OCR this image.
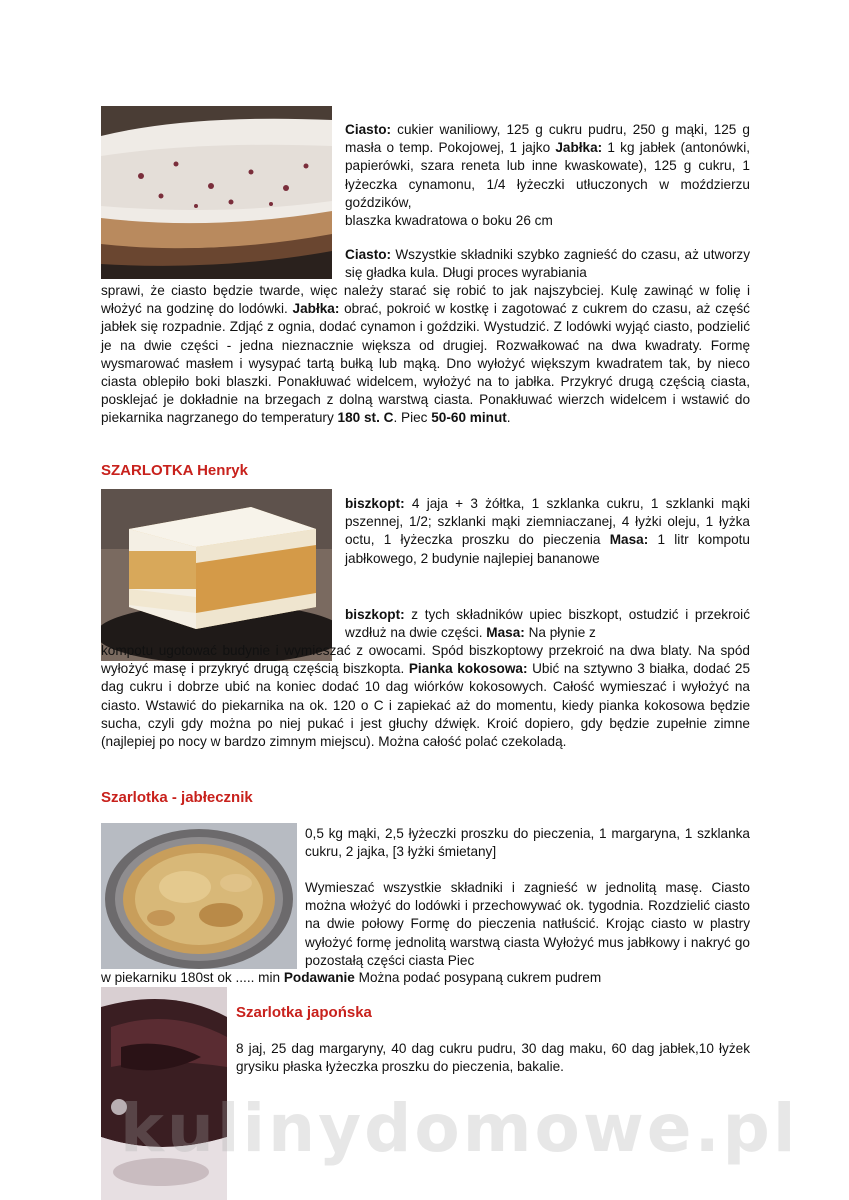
Ciasto: cukier waniliowy, 125 g cukru pudru, 250 g mąki, 125 g masła o temp. Pokojowej, 1 jajko Jabłka: 1 kg jabłek (antonówki, papierówki, szara reneta lub inne kwaskowate), 125 g cukru, 1 łyżeczka cynamonu, 1/4 łyżeczki utłuczonych w moździerzu goździków,
blaszka kwadratowa o boku 26 cm

Ciasto: Wszystkie składniki szybko zagnieść do czasu, aż utworzy się gładka kula. Długi proces wyrabiania

sprawi, że ciasto będzie twarde, więc należy starać się robić to jak najszybciej. Kulę zawinąć w folię i włożyć na godzinę do lodówki. Jabłka: obrać, pokroić w kostkę i zagotować z cukrem do czasu, aż część jabłek się rozpadnie. Zdjąć z ognia, dodać cynamon i goździki. Wystudzić. Z lodówki wyjąć ciasto, podzielić je na dwie części - jedna nieznacznie większa od drugiej. Rozwałkować na dwa kwadraty. Formę wysmarować masłem i wysypać tartą bułką lub mąką. Dno wyłożyć większym kwadratem tak, by nieco ciasta oblepiło boki blaszki. Ponakłuwać widelcem, wyłożyć na to jabłka. Przykryć drugą częścią ciasta, posklejać je dokładnie na brzegach z dolną warstwą ciasta. Ponakłuwać wierzch widelcem i wstawić do piekarnika nagrzanego do temperatury 180 st. C. Piec 50-60 minut.

SZARLOTKA Henryk

biszkopt: 4 jaja + 3 żółtka, 1 szklanka cukru, 1 szklanki mąki pszennej, 1/2; szklanki mąki ziemniaczanej, 4 łyżki oleju, 1 łyżka octu, 1 łyżeczka proszku do pieczenia Masa: 1 litr kompotu jabłkowego, 2 budynie najlepiej bananowe

biszkopt: z tych składników upiec biszkopt, ostudzić i przekroić wzdłuż na dwie części. Masa: Na płynie z

kompotu ugotować budynie i wymieszać z owocami. Spód biszkoptowy przekroić na dwa blaty. Na spód wyłożyć masę i przykryć drugą częścią biszkopta. Pianka kokosowa: Ubić na sztywno 3 białka, dodać 25 dag cukru i dobrze ubić na koniec dodać 10 dag wiórków kokosowych. Całość wymieszać i wyłożyć na ciasto. Wstawić do piekarnika na ok. 120 o C i zapiekać aż do momentu, kiedy pianka kokosowa będzie sucha, czyli gdy można po niej pukać i jest głuchy dźwięk. Kroić dopiero, gdy będzie zupełnie zimne (najlepiej po nocy w bardzo zimnym miejscu). Można całość polać czekoladą.

Szarlotka - jabłecznik

0,5 kg mąki, 2,5 łyżeczki proszku do pieczenia, 1 margaryna, 1 szklanka cukru, 2 jajka, [3 łyżki śmietany]

Wymieszać wszystkie składniki i zagnieść w jednolitą masę. Ciasto można włożyć do lodówki i przechowywać ok. tygodnia. Rozdzielić ciasto na dwie połowy Formę do pieczenia natłuścić. Krojąc ciasto w plastry wyłożyć formę jednolitą warstwą ciasta Wyłożyć mus jabłkowy i nakryć go pozostałą części ciasta Piec

w piekarniku 180st ok ..... min Podawanie Można podać posypaną cukrem pudrem

Szarlotka japońska

8 jaj, 25 dag margaryny, 40 dag cukru pudru, 30 dag maku, 60 dag jabłek,10 łyżek grysiku płaska łyżeczka proszku do pieczenia, bakalie.

kulinydomowe.pl
